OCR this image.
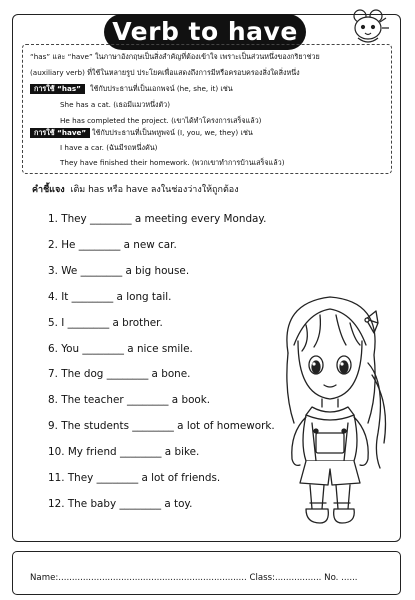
Verb to have
“has” และ “have” ในภาษาอังกฤษเป็นสิ่งสำคัญที่ต้องเข้าใจ เพราะเป็นส่วนหนึ่งของกริยาช่วย
(auxiliary verb) ที่ใช้ในหลายรูป ประโยคเพื่อแสดงถึงการมีหรือครอบครองสิ่งใดสิ่งหนึ่ง
การใช้ “has”	ใช้กับประธานที่เป็นเอกพจน์ (he, she, it) เช่น
She has a cat. (เธอมีแมวหนึ่งตัว)
He has completed the project. (เขาได้ทำโครงการเสร็จแล้ว)
การใช้ “have” ใช้กับประธานที่เป็นพหูพจน์ (I, you, we, they) เช่น
I have a car. (ฉันมีรถหนึ่งคัน)
They have finished their homework. (พวกเขาทำการบ้านเสร็จแล้ว)
คำชี้แจง เติม has หรือ have ลงในช่องว่างให้ถูกต้อง
1. They ________ a meeting every Monday.
2. He ________ a new car.
3. We ________ a big house.
4. It ________ a long tail.
5. I ________ a brother.
6. You ________ a nice smile.
7. The dog ________ a bone.
8. The teacher ________ a book.
9. The students ________ a lot of homework.
10. My friend ________ a bike.
11. They ________ a lot of friends.
12. The baby ________ a toy.
Name:..................................................................... Class:................. No. ......
